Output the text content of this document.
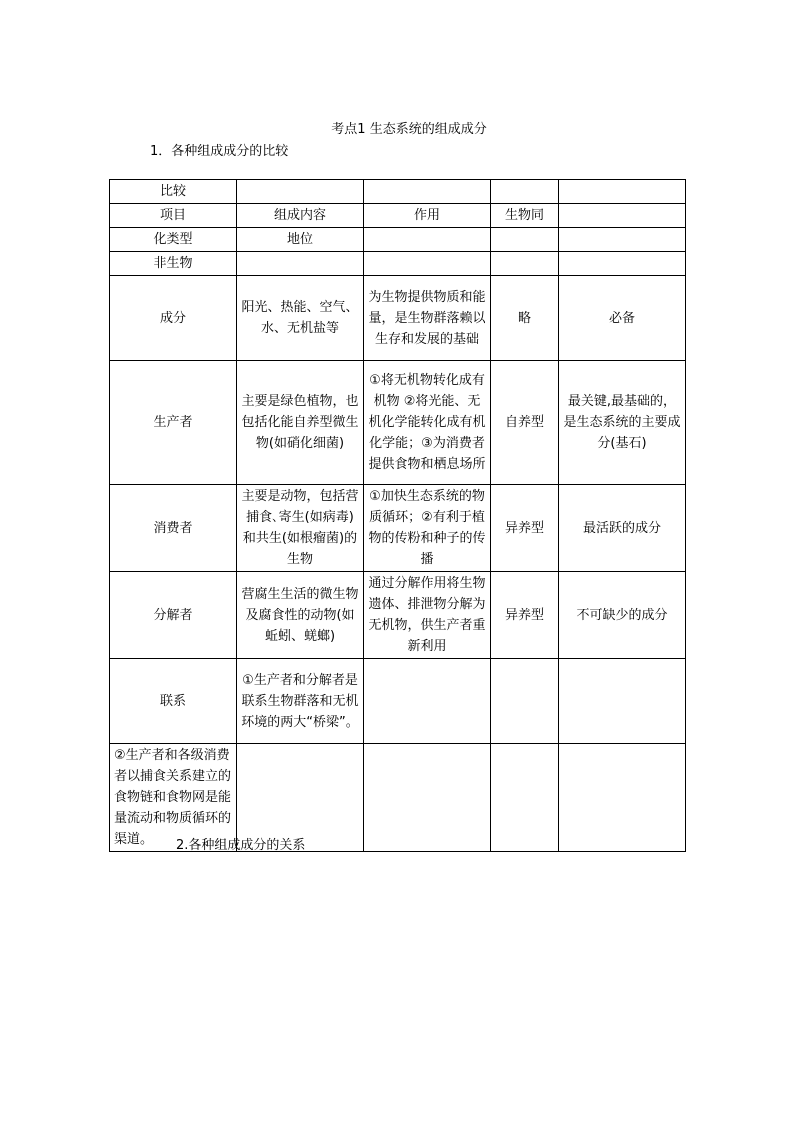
考点1 生态系统的组成成分
1．各种组成成分的比较
比较				
项目	组成内容	作用	生物同	
化类型	地位			
非生物				
成分	阳光、热能、空气、水、无机盐等	为生物提供物质和能量，是生物群落赖以生存和发展的基础	略	必备
生产者	主要是绿色植物，也包括化能自养型微生物(如硝化细菌)	①将无机物转化成有机物 ②将光能、无机化学能转化成有机化学能；③为消费者提供食物和栖息场所	自养型	最关键,最基础的，是生态系统的主要成分(基石)
消费者	主要是动物，包括营捕食､寄生(如病毒)和共生(如根瘤菌)的生物	①加快生态系统的物质循环；②有利于植物的传粉和种子的传播	异养型	最活跃的成分
分解者	营腐生生活的微生物及腐食性的动物(如蚯蚓、蜣螂)	通过分解作用将生物遗体、排泄物分解为无机物，供生产者重新利用	异养型	不可缺少的成分
联系	①生产者和分解者是联系生物群落和无机环境的两大“桥梁”。			
②生产者和各级消费者以捕食关系建立的食物链和食物网是能量流动和物质循环的渠道。				2.各种组成成分的关系
